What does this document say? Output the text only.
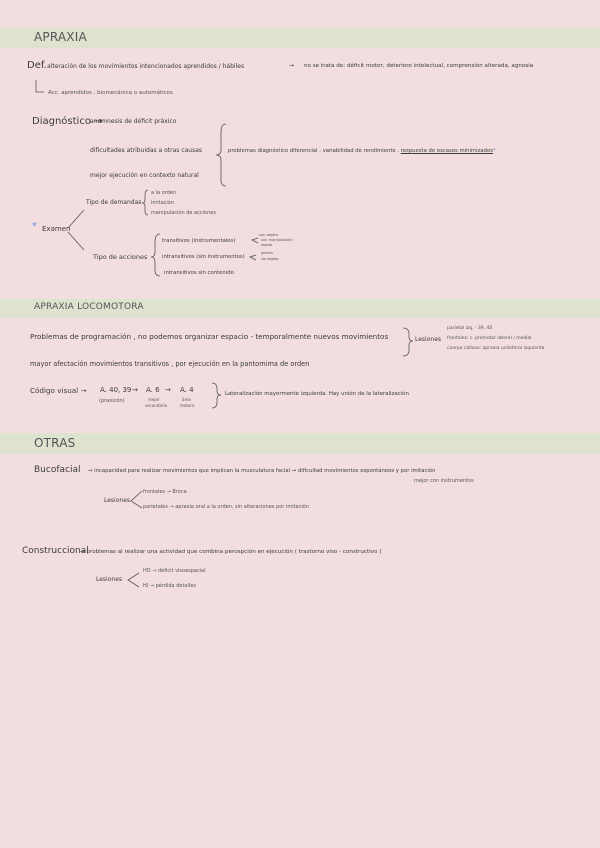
APRAXIA
APRAXIA LOCOMOTORA
OTRAS
Def. alteración de los movimientos intencionados aprendidos / hábiles	→ no se trata de: déficit motor, deterioro intelectual, comprensión alterada, agnosia
Acc. aprendidos , biomecánica o automáticos
Diagnóstico →
anamnesis de déficit práxico
dificultades atribuidas a otras causas
mejor ejecución en contexto natural
problemas diagnóstico diferencial , variabilidad de rendimiento , respuesta de escasos minimizados*
* Examen
Tipo de demandas
a la orden
imitación
manipulación de acciones
Tipo de acciones
transitivos (instrumentales)
con objeto
con manipulación
objeto
intransitivos (sin instrumentos)
gestos
sin objeto
intransitivos sin contenido
Problemas de programación , no podemos organizar espacio - temporalmente nuevos movimientos
mayor afectación movimientos transitivos , por ejecución en la pantomima de orden
Lesiones
parietal izq. · 39, 40
frontales: c. premotor lateral / medial
cuerpo calloso: apraxia unilateral izquierda
Código visual → A. 40, 39
(praxicón)
→ A. 6
mejor
secundaria
→ A. 4
área
motora
Lateralización mayormente izquierda. Hay unión de la lateralización
Bucofacial → incapacidad para realizar movimientos que implican la musculatura facial → dificultad movimientos espontáneos y por imitación
mejor con instrumentos
Lesiones
frontales → Broca
parietales → apraxia oral a la orden, sin alteraciones por imitación
Construccional
→ problemas al realizar una actividad que combina percepción en ejecución ( trastorno viso - constructivo )
Lesiones
HD → déficit visoespacial
HI → pérdida detalles
